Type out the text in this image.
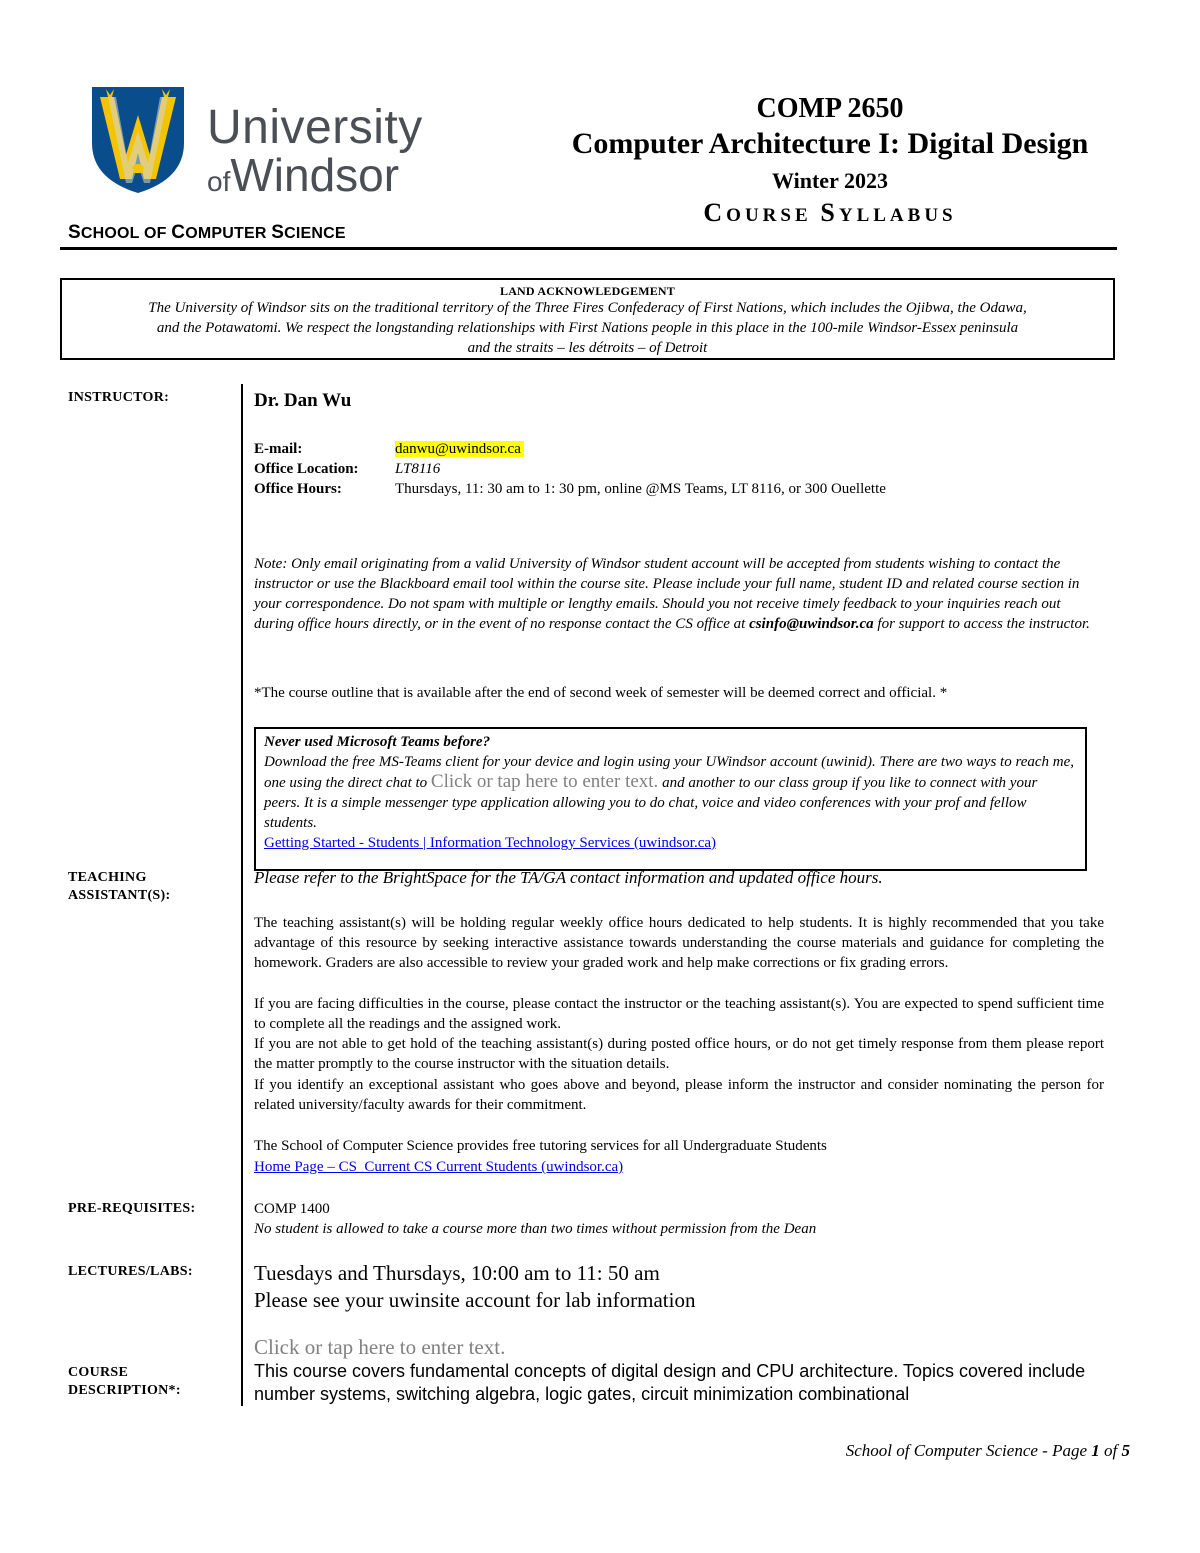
University
ofWindsor
SCHOOL OF COMPUTER SCIENCE
COMP 2650
Computer Architecture I: Digital Design
Winter 2023
COURSE SYLLABUS
LAND ACKNOWLEDGEMENT
The University of Windsor sits on the traditional territory of the Three Fires Confederacy of First Nations, which includes the Ojibwa, the Odawa,
and the Potawatomi. We respect the longstanding relationships with First Nations people in this place in the 100-mile Windsor-Essex peninsula
and the straits – les détroits – of Detroit
INSTRUCTOR:
TEACHING
ASSISTANT(S):
PRE-REQUISITES:
LECTURES/LABS:
COURSE
DESCRIPTION*:
Dr. Dan Wu
E-mail:	danwu@uwindsor.ca
Office Location: LT8116
Office Hours:	Thursdays, 11: 30 am to 1: 30 pm, online @MS Teams, LT 8116, or 300 Ouellette
Note: Only email originating from a valid University of Windsor student account will be accepted from students wishing to contact the instructor or use the Blackboard email tool within the course site. Please include your full name, student ID and related course section in your correspondence. Do not spam with multiple or lengthy emails. Should you not receive timely feedback to your inquiries reach out during office hours directly, or in the event of no response contact the CS office at csinfo@uwindsor.ca for support to access the instructor.
*The course outline that is available after the end of second week of semester will be deemed correct and official. *
Never used Microsoft Teams before?
Download the free MS-Teams client for your device and login using your UWindsor account (uwinid). There are two ways to reach me, one using the direct chat to Click or tap here to enter text. and another to our class group if you like to connect with your peers. It is a simple messenger type application allowing you to do chat, voice and video conferences with your prof and fellow students.
Getting Started - Students | Information Technology Services (uwindsor.ca)
Please refer to the BrightSpace for the TA/GA contact information and updated office hours.
The teaching assistant(s) will be holding regular weekly office hours dedicated to help students. It is highly recommended that you take advantage of this resource by seeking interactive assistance towards understanding the course materials and guidance for completing the homework. Graders are also accessible to review your graded work and help make corrections or fix grading errors.
If you are facing difficulties in the course, please contact the instructor or the teaching assistant(s). You are expected to spend sufficient time to complete all the readings and the assigned work.
If you are not able to get hold of the teaching assistant(s) during posted office hours, or do not get timely response from them please report the matter promptly to the course instructor with the situation details.
If you identify an exceptional assistant who goes above and beyond, please inform the instructor and consider nominating the person for related university/faculty awards for their commitment.
The School of Computer Science provides free tutoring services for all Undergraduate Students
Home Page – CS_Current CS Current Students (uwindsor.ca)
COMP 1400
No student is allowed to take a course more than two times without permission from the Dean
Tuesdays and Thursdays, 10:00 am to 11: 50 am
Please see your uwinsite account for lab information
Click or tap here to enter text.
This course covers fundamental concepts of digital design and CPU architecture. Topics covered include number systems, switching algebra, logic gates, circuit minimization combinational
School of Computer Science - Page 1 of 5
